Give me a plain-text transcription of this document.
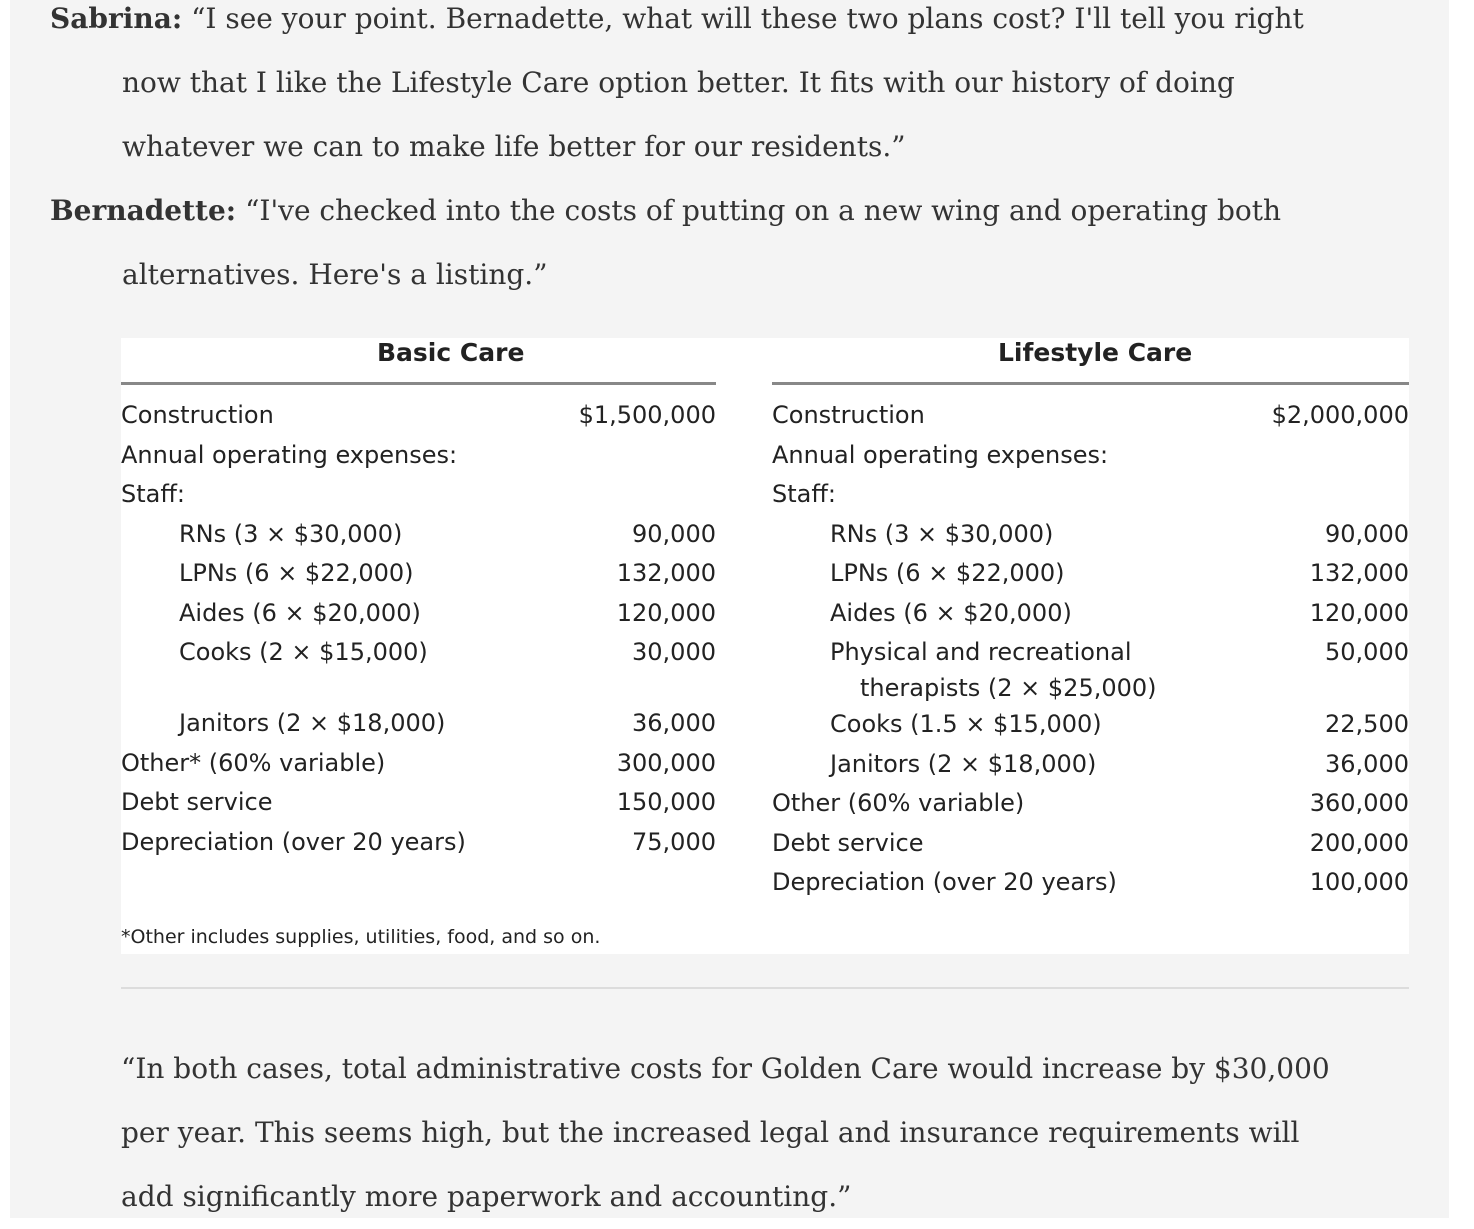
Sabrina: “I see your point. Bernadette, what will these two plans cost? I'll tell you right
now that I like the Lifestyle Care option better. It fits with our history of doing
whatever we can to make life better for our residents.”
Bernadette: “I've checked into the costs of putting on a new wing and operating both
alternatives. Here's a listing.”
Basic Care	Lifestyle Care
Construction	$1,500,000
Annual operating expenses:
Staff:
RNs (3 × $30,000)	90,000
LPNs (6 × $22,000)	132,000
Aides (6 × $20,000)	120,000
Cooks (2 × $15,000)	30,000
Janitors (2 × $18,000)	36,000
Other* (60% variable)	300,000
Debt service	150,000
Depreciation (over 20 years)	75,000
Construction	$2,000,000
Annual operating expenses:
Staff:
RNs (3 × $30,000)	90,000
LPNs (6 × $22,000)	132,000
Aides (6 × $20,000)	120,000
Physical and recreational	50,000
therapists (2 × $25,000)
Cooks (1.5 × $15,000)	22,500
Janitors (2 × $18,000)	36,000
Other (60% variable)	360,000
Debt service	200,000
Depreciation (over 20 years)	100,000
*Other includes supplies, utilities, food, and so on.
“In both cases, total administrative costs for Golden Care would increase by $30,000
per year. This seems high, but the increased legal and insurance requirements will
add significantly more paperwork and accounting.”
